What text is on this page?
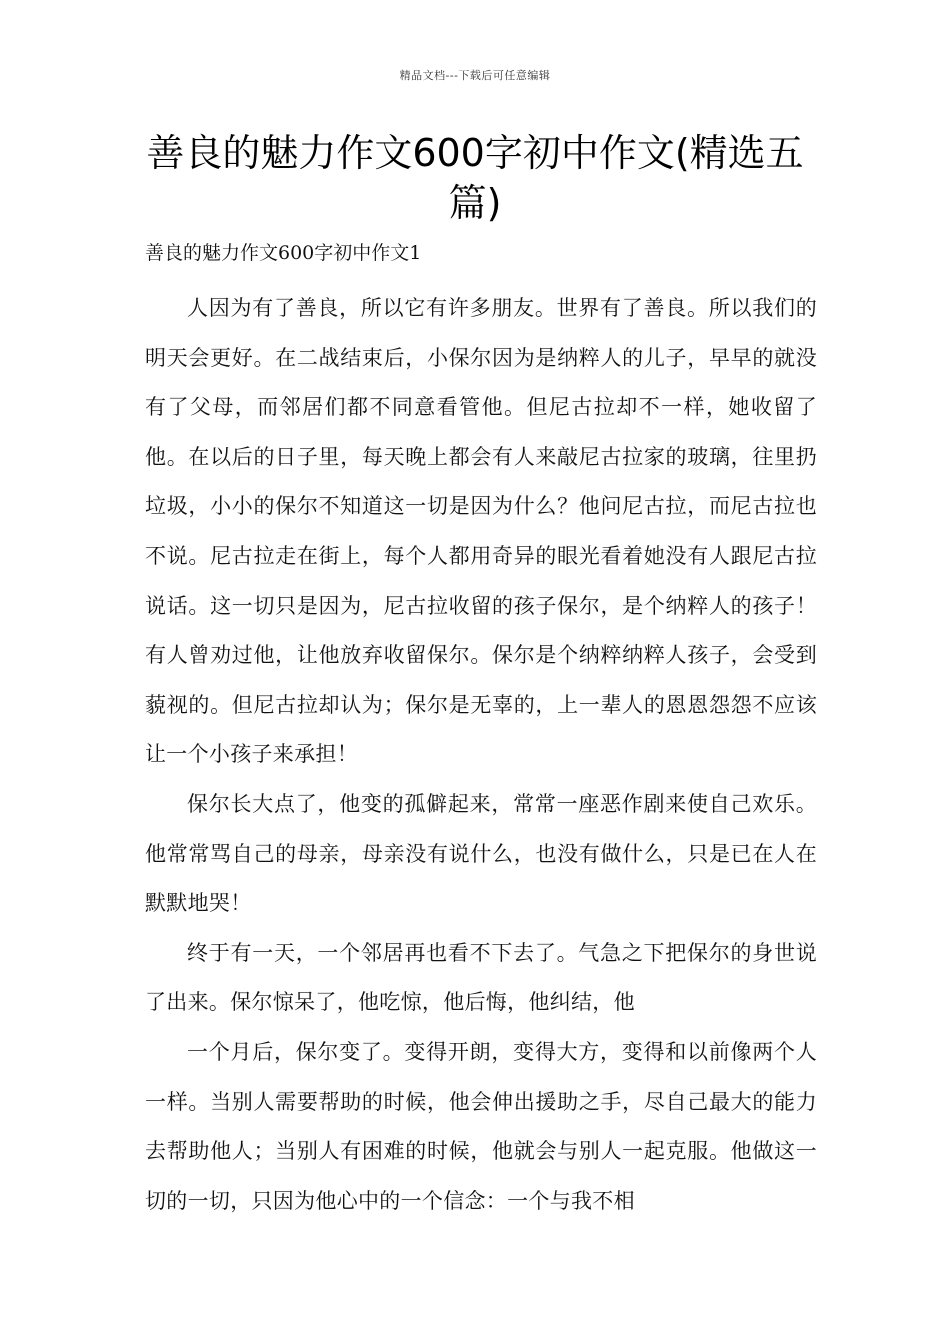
精品文档---下载后可任意编辑
善良的魅力作文600字初中作文(精选五篇)

善良的魅力作文600字初中作文1

人因为有了善良，所以它有许多朋友。世界有了善良。所以我们的明天会更好。在二战结束后，小保尔因为是纳粹人的儿子，早早的就没有了父母，而邻居们都不同意看管他。但尼古拉却不一样，她收留了他。在以后的日子里，每天晚上都会有人来敲尼古拉家的玻璃，往里扔垃圾，小小的保尔不知道这一切是因为什么？他问尼古拉，而尼古拉也不说。尼古拉走在街上，每个人都用奇异的眼光看着她没有人跟尼古拉说话。这一切只是因为，尼古拉收留的孩子保尔，是个纳粹人的孩子！有人曾劝过他，让他放弃收留保尔。保尔是个纳粹纳粹人孩子，会受到藐视的。但尼古拉却认为；保尔是无辜的，上一辈人的恩恩怨怨不应该让一个小孩子来承担！

保尔长大点了，他变的孤僻起来，常常一座恶作剧来使自己欢乐。他常常骂自己的母亲，母亲没有说什么，也没有做什么，只是已在人在默默地哭！

终于有一天，一个邻居再也看不下去了。气急之下把保尔的身世说了出来。保尔惊呆了，他吃惊，他后悔，他纠结，他

一个月后，保尔变了。变得开朗，变得大方，变得和以前像两个人一样。当别人需要帮助的时候，他会伸出援助之手，尽自己最大的能力去帮助他人；当别人有困难的时候，他就会与别人一起克服。他做这一切的一切，只因为他心中的一个信念：一个与我不相
